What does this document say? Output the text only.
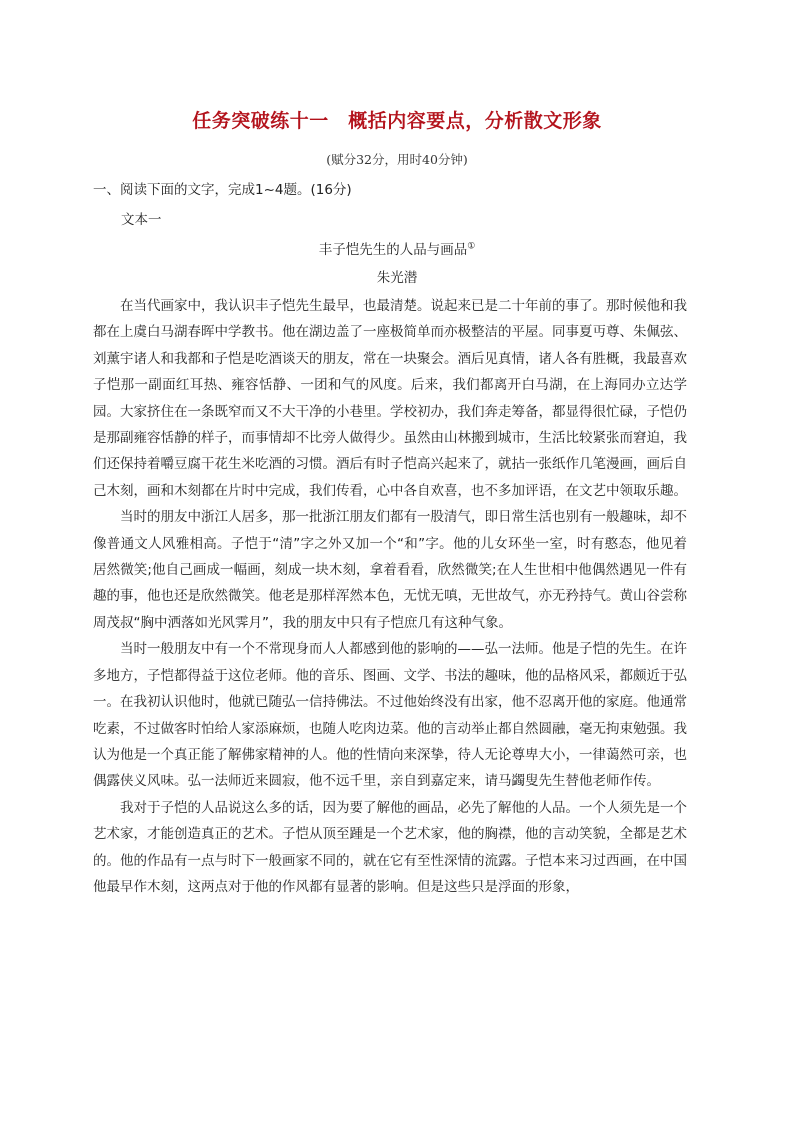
任务突破练十一　概括内容要点，分析散文形象
(赋分32分，用时40分钟)
一、阅读下面的文字，完成1~4题。(16分)
文本一
丰子恺先生的人品与画品①
朱光潜

在当代画家中，我认识丰子恺先生最早，也最清楚。说起来已是二十年前的事了。那时候他和我都在上虞白马湖春晖中学教书。他在湖边盖了一座极简单而亦极整洁的平屋。同事夏丏尊、朱佩弦、刘薰宇诸人和我都和子恺是吃酒谈天的朋友，常在一块聚会。酒后见真情，诸人各有胜概，我最喜欢子恺那一副面红耳热、雍容恬静、一团和气的风度。后来，我们都离开白马湖，在上海同办立达学园。大家挤住在一条既窄而又不大干净的小巷里。学校初办，我们奔走筹备，都显得很忙碌，子恺仍是那副雍容恬静的样子，而事情却不比旁人做得少。虽然由山林搬到城市，生活比较紧张而窘迫，我们还保持着嚼豆腐干花生米吃酒的习惯。酒后有时子恺高兴起来了，就拈一张纸作几笔漫画，画后自己木刻，画和木刻都在片时中完成，我们传看，心中各自欢喜，也不多加评语，在文艺中领取乐趣。

当时的朋友中浙江人居多，那一批浙江朋友们都有一股清气，即日常生活也别有一般趣味，却不像普通文人风雅相高。子恺于“清”字之外又加一个“和”字。他的儿女环坐一室，时有憨态，他见着居然微笑;他自己画成一幅画，刻成一块木刻，拿着看看，欣然微笑;在人生世相中他偶然遇见一件有趣的事，他也还是欣然微笑。他老是那样浑然本色，无忧无嗔，无世故气，亦无矜持气。黄山谷尝称周茂叔“胸中洒落如光风霁月”，我的朋友中只有子恺庶几有这种气象。

当时一般朋友中有一个不常现身而人人都感到他的影响的——弘一法师。他是子恺的先生。在许多地方，子恺都得益于这位老师。他的音乐、图画、文学、书法的趣味，他的品格风采，都颇近于弘一。在我初认识他时，他就已随弘一信持佛法。不过他始终没有出家，他不忍离开他的家庭。他通常吃素，不过做客时怕给人家添麻烦，也随人吃肉边菜。他的言动举止都自然圆融，毫无拘束勉强。我认为他是一个真正能了解佛家精神的人。他的性情向来深挚，待人无论尊卑大小，一律蔼然可亲，也偶露侠义风味。弘一法师近来圆寂，他不远千里，亲自到嘉定来，请马蠲叟先生替他老师作传。

我对于子恺的人品说这么多的话，因为要了解他的画品，必先了解他的人品。一个人须先是一个艺术家，才能创造真正的艺术。子恺从顶至踵是一个艺术家，他的胸襟，他的言动笑貌，全都是艺术的。他的作品有一点与时下一般画家不同的，就在它有至性深情的流露。子恺本来习过西画，在中国他最早作木刻，这两点对于他的作风都有显著的影响。但是这些只是浮面的形象，
